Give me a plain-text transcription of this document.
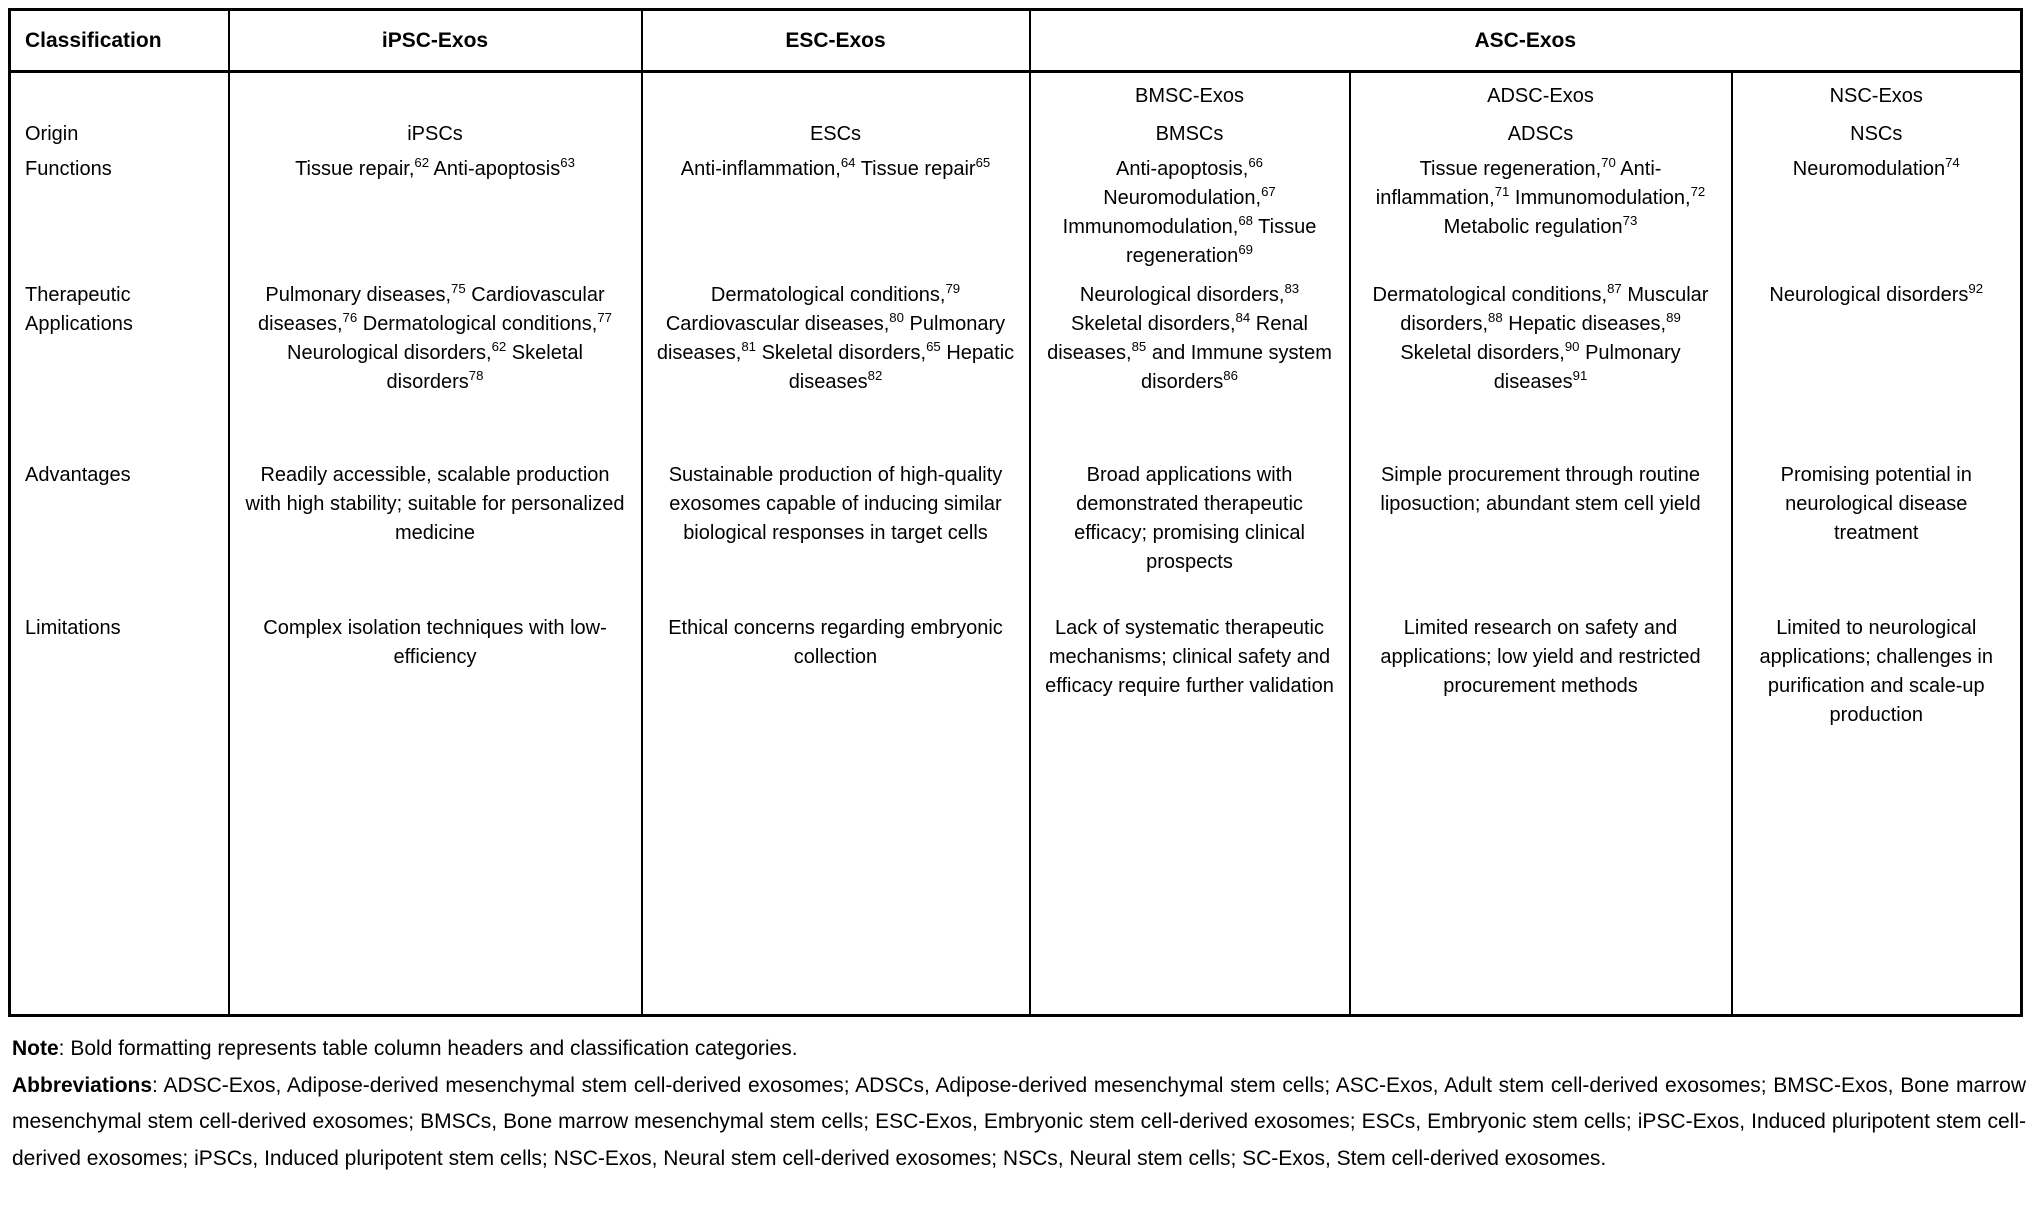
Classification	iPSC-Exos	ESC-Exos	ASC-Exos		
			BMSC-Exos	ADSC-Exos	NSC-Exos
Origin	iPSCs	ESCs	BMSCs	ADSCs	NSCs
Functions	Tissue repair,$^{62}$ Anti-apoptosis$^{63}$	Anti-inflammation,$^{64}$ Tissue repair$^{65}$	Anti-apoptosis,$^{66}$ Neuromodulation,$^{67}$ Immunomodulation,$^{68}$ Tissue regeneration$^{69}$	Tissue regeneration,$^{70}$ Anti-inflammation,$^{71}$ Immunomodulation,$^{72}$ Metabolic regulation$^{73}$	Neuromodulation$^{74}$
Therapeutic Applications	Pulmonary diseases,$^{75}$ Cardiovascular diseases,$^{76}$ Dermatological conditions,$^{77}$ Neurological disorders,$^{62}$ Skeletal disorders$^{78}$	Dermatological conditions,$^{79}$ Cardiovascular diseases,$^{80}$ Pulmonary diseases,$^{81}$ Skeletal disorders,$^{65}$ Hepatic diseases$^{82}$	Neurological disorders,$^{83}$ Skeletal disorders,$^{84}$ Renal diseases,$^{85}$ and Immune system disorders$^{86}$	Dermatological conditions,$^{87}$ Muscular disorders,$^{88}$ Hepatic diseases,$^{89}$ Skeletal disorders,$^{90}$ Pulmonary diseases$^{91}$	Neurological disorders$^{92}$
Advantages	Readily accessible, scalable production with high stability; suitable for personalized medicine	Sustainable production of high-quality exosomes capable of inducing similar biological responses in target cells	Broad applications with demonstrated therapeutic efficacy; promising clinical prospects	Simple procurement through routine liposuction; abundant stem cell yield	Promising potential in neurological disease treatment
Limitations	Complex isolation techniques with low-efficiency	Ethical concerns regarding embryonic collection	Lack of systematic therapeutic mechanisms; clinical safety and efficacy require further validation	Limited research on safety and applications; low yield and restricted procurement methods	Limited to neurological applications; challenges in purification and scale-up production

Note: Bold formatting represents table column headers and classification categories.

Abbreviations: ADSC-Exos, Adipose-derived mesenchymal stem cell-derived exosomes; ADSCs, Adipose-derived mesenchymal stem cells; ASC-Exos, Adult stem cell-derived exosomes; BMSC-Exos, Bone marrow mesenchymal stem cell-derived exosomes; BMSCs, Bone marrow mesenchymal stem cells; ESC-Exos, Embryonic stem cell-derived exosomes; ESCs, Embryonic stem cells; iPSC-Exos, Induced pluripotent stem cell-derived exosomes; iPSCs, Induced pluripotent stem cells; NSC-Exos, Neural stem cell-derived exosomes; NSCs, Neural stem cells; SC-Exos, Stem cell-derived exosomes.
